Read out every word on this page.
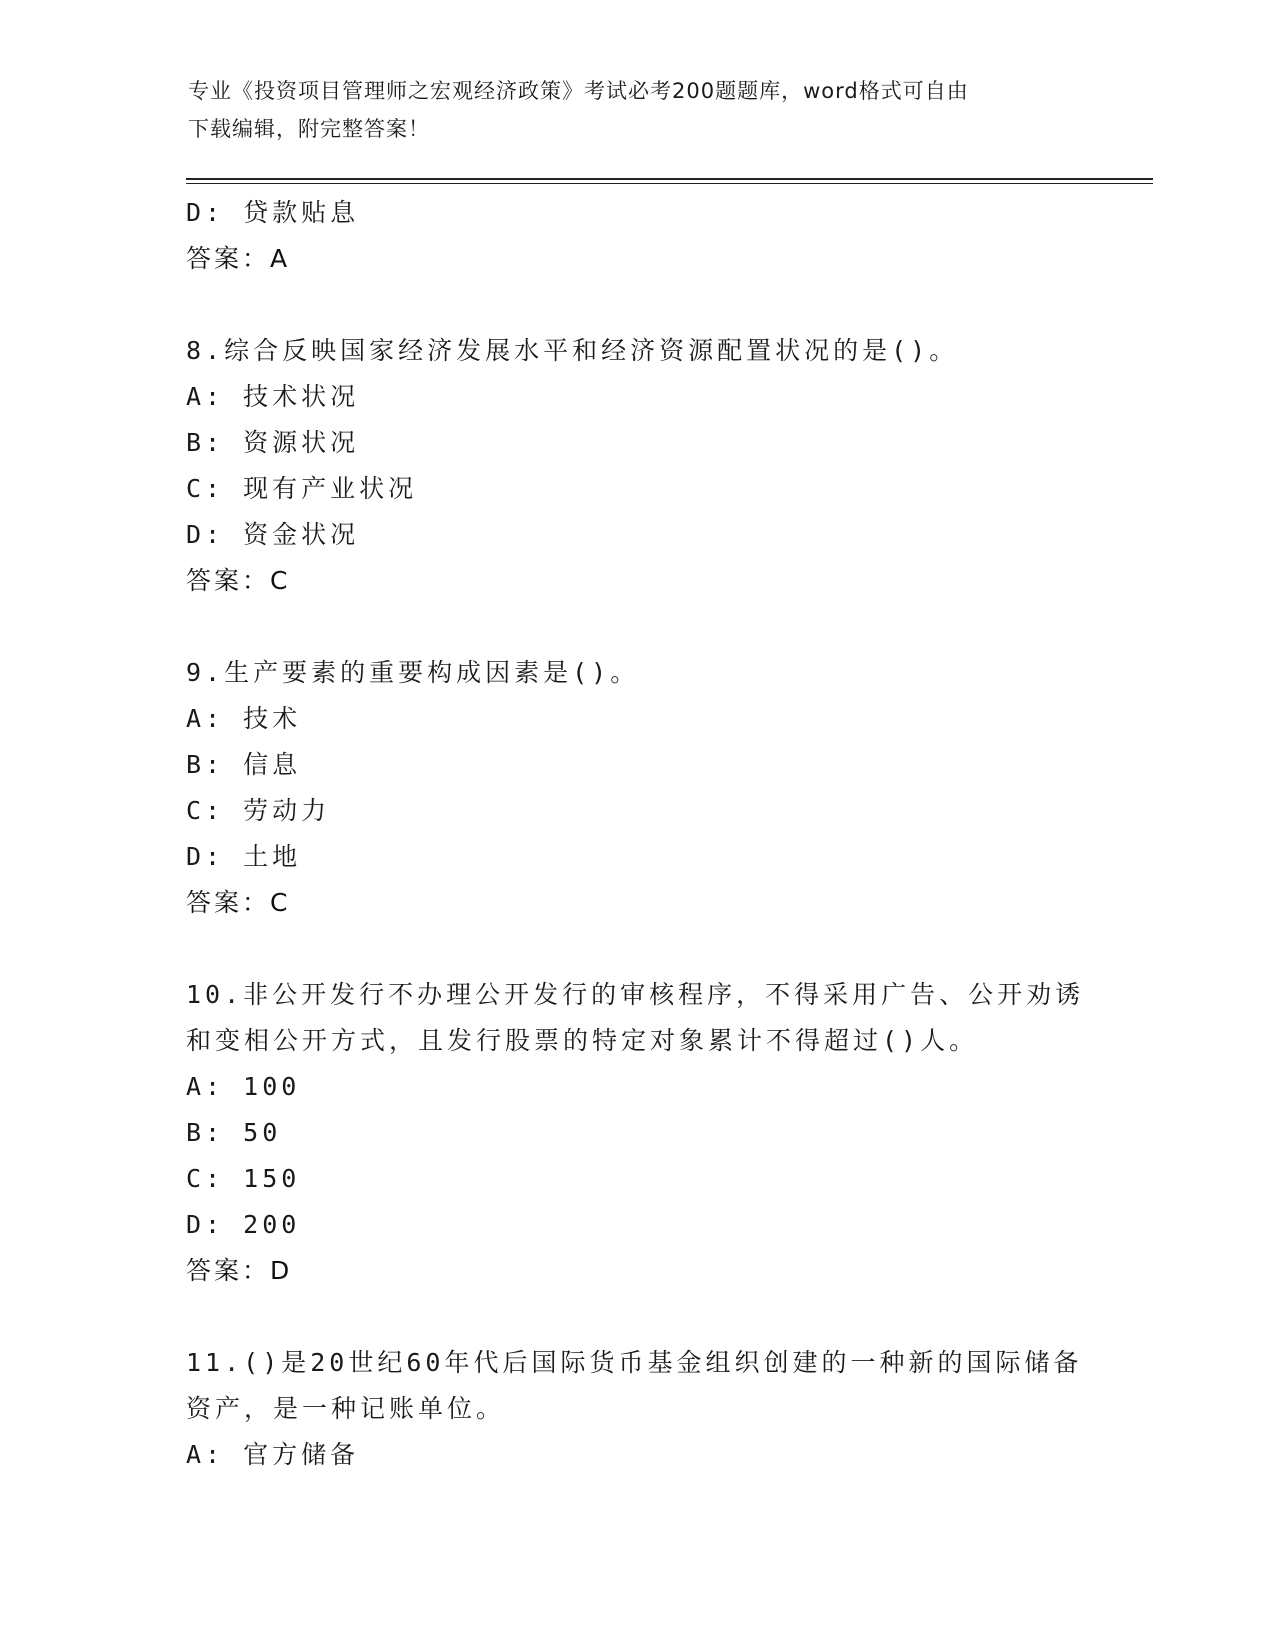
专业《投资项目管理师之宏观经济政策》考试必考200题题库，word格式可自由
下载编辑，附完整答案！
D: 贷款贴息
答案：A
8.综合反映国家经济发展水平和经济资源配置状况的是()。
A: 技术状况
B: 资源状况
C: 现有产业状况
D: 资金状况
答案：C
9.生产要素的重要构成因素是()。
A: 技术
B: 信息
C: 劳动力
D: 土地
答案：C
10.非公开发行不办理公开发行的审核程序，不得采用广告、公开劝诱
和变相公开方式，且发行股票的特定对象累计不得超过()人。
A: 100
B: 50
C: 150
D: 200
答案：D
11.()是20世纪60年代后国际货币基金组织创建的一种新的国际储备
资产，是一种记账单位。
A: 官方储备
